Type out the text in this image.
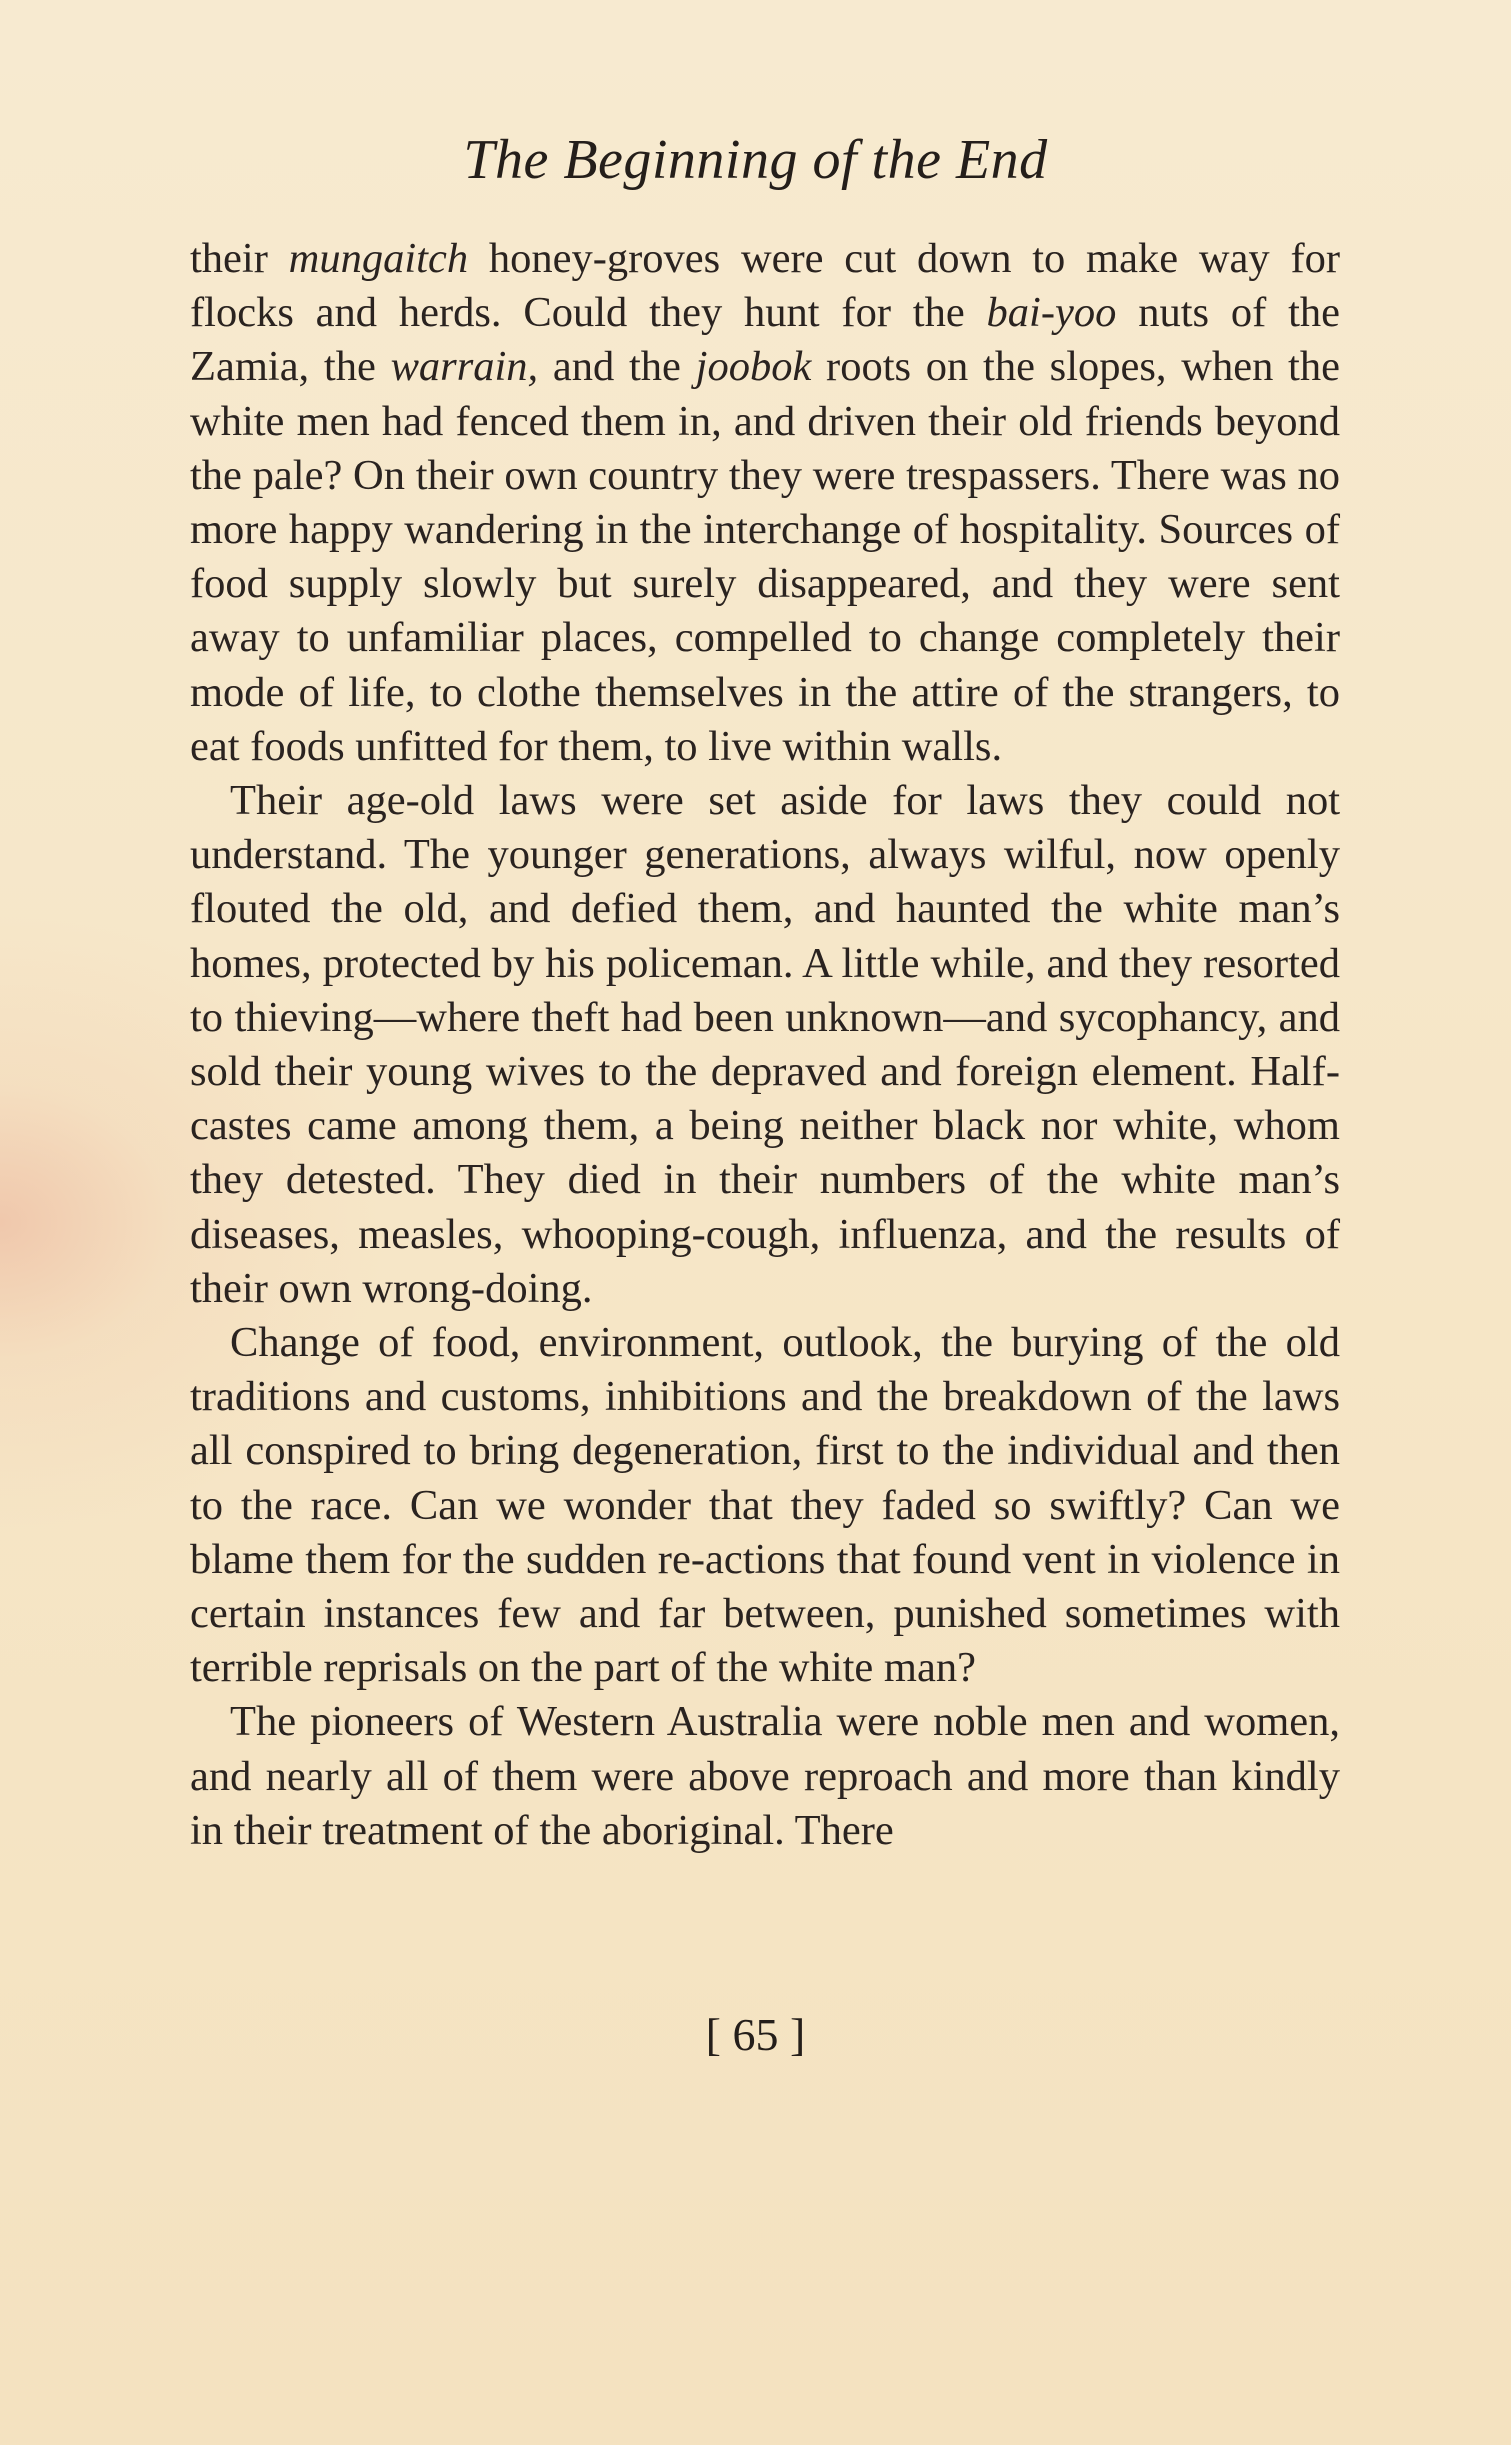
The Beginning of the End

their mungaitch honey-groves were cut down to make way for flocks and herds. Could they hunt for the bai-yoo nuts of the Zamia, the warrain, and the joobok roots on the slopes, when the white men had fenced them in, and driven their old friends beyond the pale? On their own country they were trespassers. There was no more happy wandering in the interchange of hospitality. Sources of food supply slowly but surely disappeared, and they were sent away to unfamiliar places, compelled to change completely their mode of life, to clothe themselves in the attire of the strangers, to eat foods unfitted for them, to live within walls.

Their age-old laws were set aside for laws they could not understand. The younger generations, always wilful, now openly flouted the old, and defied them, and haunted the white man’s homes, protected by his policeman. A little while, and they resorted to thieving—where theft had been unknown—and sycophancy, and sold their young wives to the depraved and foreign element. Half-castes came among them, a being neither black nor white, whom they detested. They died in their numbers of the white man’s diseases, measles, whooping-cough, influenza, and the results of their own wrong-doing.

Change of food, environment, outlook, the burying of the old traditions and customs, inhibitions and the breakdown of the laws all conspired to bring degeneration, first to the individual and then to the race. Can we wonder that they faded so swiftly? Can we blame them for the sudden re-actions that found vent in violence in certain instances few and far between, punished sometimes with terrible reprisals on the part of the white man?

The pioneers of Western Australia were noble men and women, and nearly all of them were above reproach and more than kindly in their treatment of the aboriginal. There

[ 65 ]
